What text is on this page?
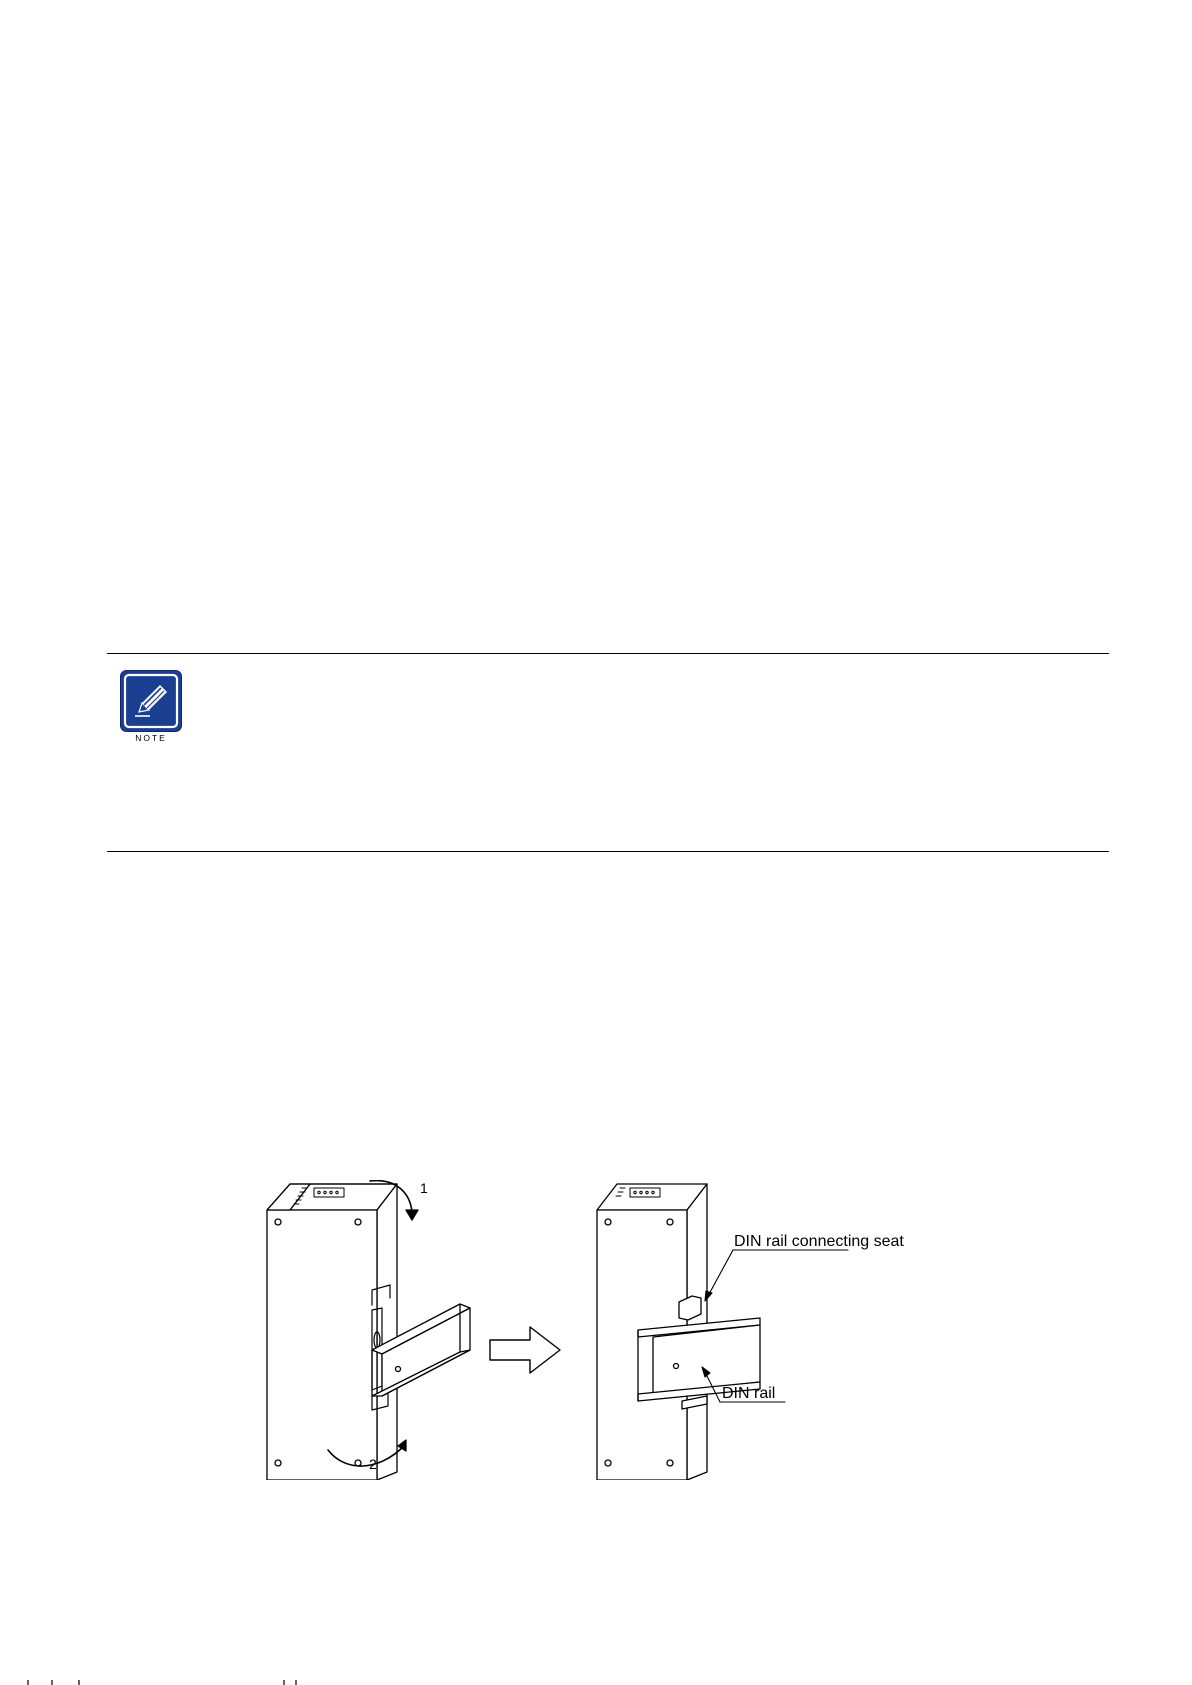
NOTE
1
2
DIN rail connecting seat
DIN rail
